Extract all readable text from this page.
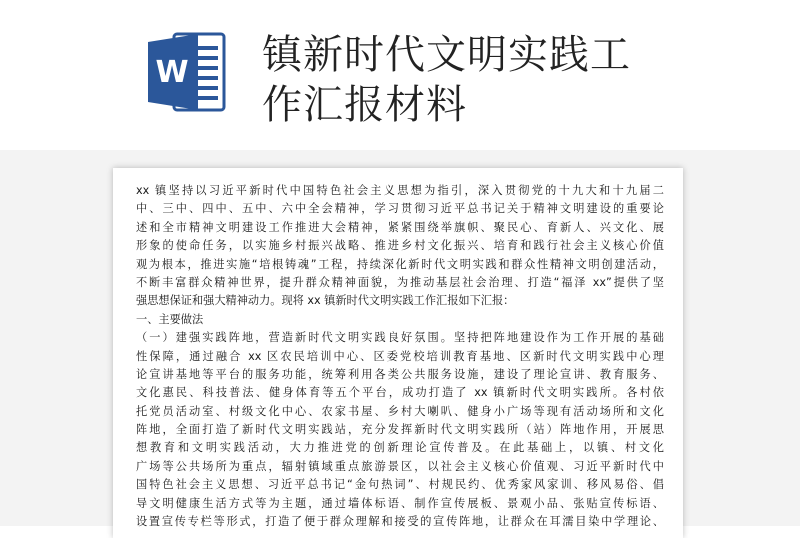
W 镇新时代文明实践工
作汇报材料
xx 镇坚持以习近平新时代中国特色社会主义思想为指引，深入贯彻党的十九大和十九届二
中、三中、四中、五中、六中全会精神，学习贯彻习近平总书记关于精神文明建设的重要论
述和全市精神文明建设工作推进大会精神，紧紧围绕举旗帜、聚民心、育新人、兴文化、展
形象的使命任务，以实施乡村振兴战略、推进乡村文化振兴、培育和践行社会主义核心价值
观为根本，推进实施“培根铸魂”工程，持续深化新时代文明实践和群众性精神文明创建活动，
不断丰富群众精神世界，提升群众精神面貌，为推动基层社会治理、打造“福泽 xx”提供了坚
强思想保证和强大精神动力。现将 xx 镇新时代文明实践工作汇报如下汇报：
一、主要做法
（一）建强实践阵地，营造新时代文明实践良好氛围。坚持把阵地建设作为工作开展的基础
性保障，通过融合 xx 区农民培训中心、区委党校培训教育基地、区新时代文明实践中心理
论宣讲基地等平台的服务功能，统筹利用各类公共服务设施，建设了理论宣讲、教育服务、
文化惠民、科技普法、健身体育等五个平台，成功打造了 xx 镇新时代文明实践所。各村依
托党员活动室、村级文化中心、农家书屋、乡村大喇叭、健身小广场等现有活动场所和文化
阵地，全面打造了新时代文明实践站，充分发挥新时代文明实践所（站）阵地作用，开展思
想教育和文明实践活动，大力推进党的创新理论宣传普及。在此基础上，以镇、村文化
广场等公共场所为重点，辐射镇域重点旅游景区，以社会主义核心价值观、习近平新时代中
国特色社会主义思想、习近平总书记“金句热词”、村规民约、优秀家风家训、移风易俗、倡
导文明健康生活方式等为主题，通过墙体标语、制作宣传展板、景观小品、张贴宣传标语、
设置宣传专栏等形式，打造了便于群众理解和接受的宣传阵地，让群众在耳濡目染中学理论、
